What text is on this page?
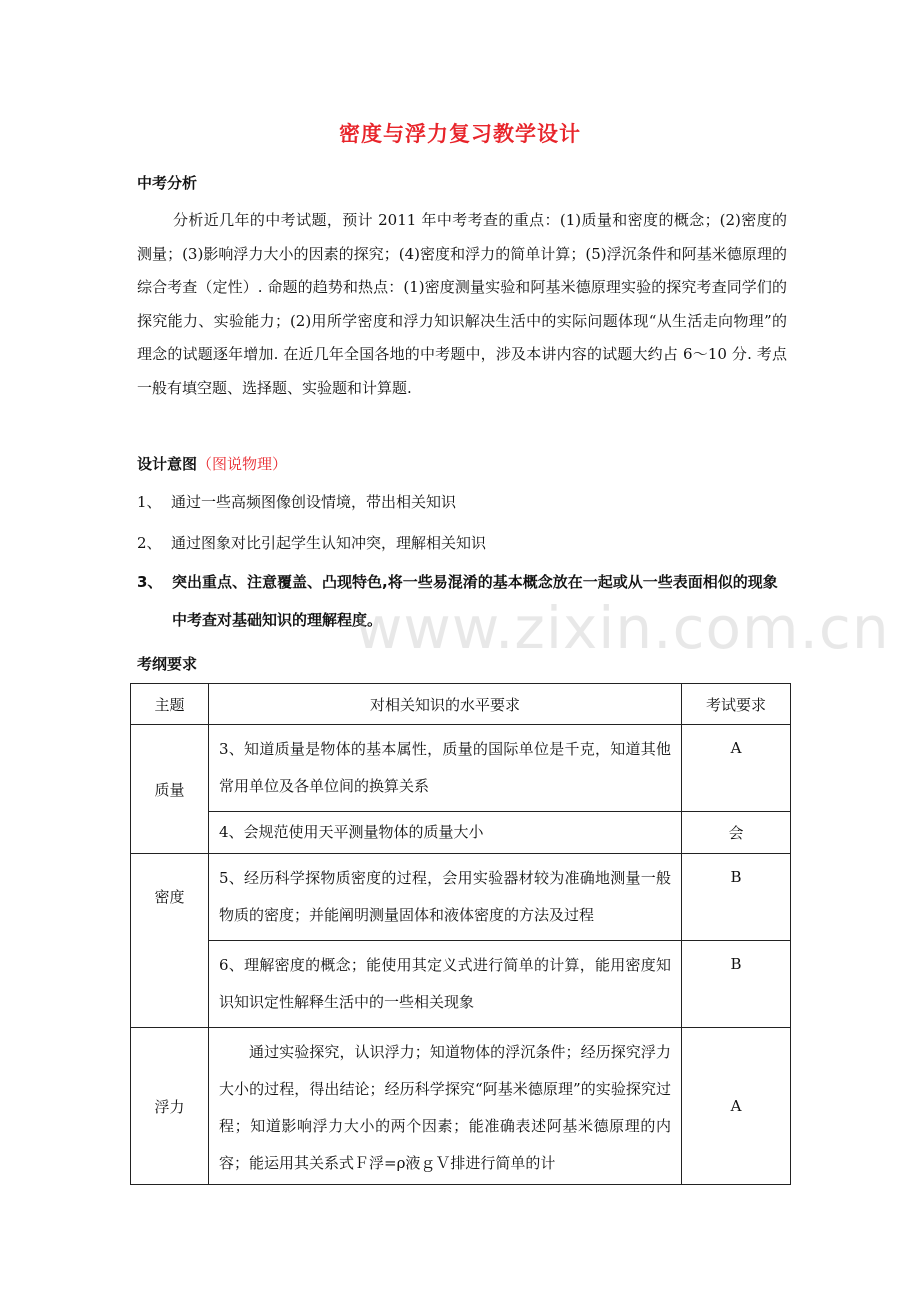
密度与浮力复习教学设计
中考分析
分析近几年的中考试题，预计 2011 年中考考查的重点：(1)质量和密度的概念；(2)密度的测量；(3)影响浮力大小的因素的探究；(4)密度和浮力的简单计算；(5)浮沉条件和阿基米德原理的综合考查（定性）. 命题的趋势和热点：(1)密度测量实验和阿基米德原理实验的探究考查同学们的探究能力、实验能力；(2)用所学密度和浮力知识解决生活中的实际问题体现“从生活走向物理”的理念的试题逐年增加. 在近几年全国各地的中考题中，涉及本讲内容的试题大约占 6～10 分. 考点一般有填空题、选择题、实验题和计算题.
设计意图（图说物理）
1、 通过一些高频图像创设情境，带出相关知识
2、 通过图象对比引起学生认知冲突，理解相关知识
3、 突出重点、注意覆盖、凸现特色,将一些易混淆的基本概念放在一起或从一些表面相似的现象中考查对基础知识的理解程度。
www.zixin.com.cn
考纲要求
主题	对相关知识的水平要求	考试要求
质量	3、知道质量是物体的基本属性，质量的国际单位是千克，知道其他常用单位及各单位间的换算关系	A
	4、会规范使用天平测量物体的质量大小	会
密度	5、经历科学探物质密度的过程，会用实验器材较为准确地测量一般物质的密度；并能阐明测量固体和液体密度的方法及过程	B
	6、理解密度的概念；能使用其定义式进行简单的计算，能用密度知识知识定性解释生活中的一些相关现象	B
浮力	通过实验探究，认识浮力；知道物体的浮沉条件；经历探究浮力大小的过程，得出结论；经历科学探究“阿基米德原理”的实验探究过程；知道影响浮力大小的两个因素；能准确表述阿基米德原理的内容；能运用其关系式Ｆ浮=ρ液ｇＶ排进行简单的计	A
